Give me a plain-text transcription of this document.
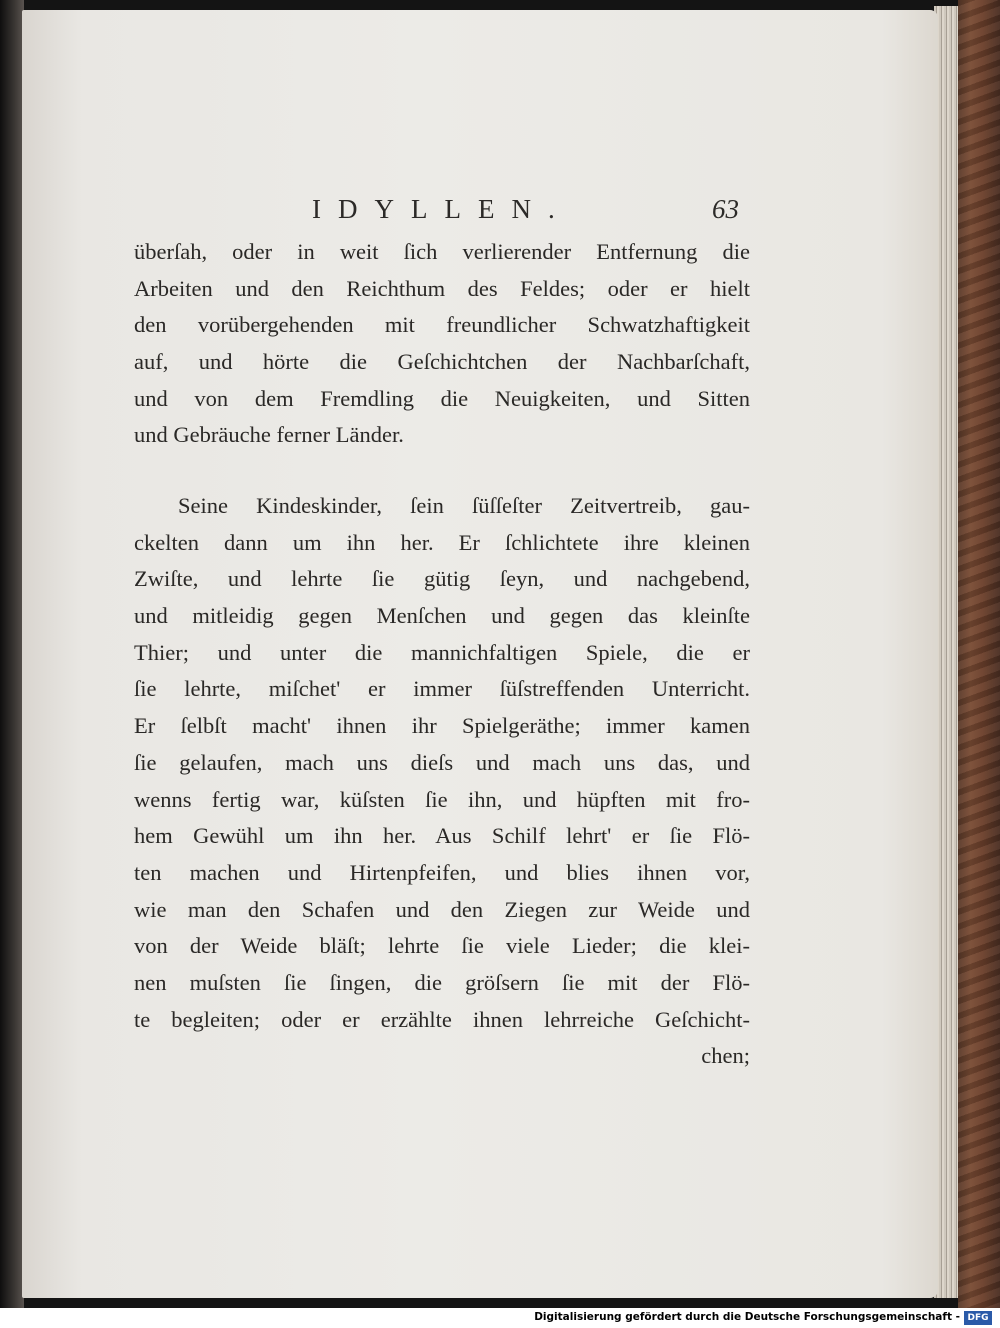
IDYLLEN.	63
überſah, oder in weit ſich verlierender Entfernung die
Arbeiten und den Reichthum des Feldes; oder er hielt
den vorübergehenden mit freundlicher Schwatzhaftigkeit
auf, und hörte die Geſchichtchen der Nachbarſchaft,
und von dem Fremdling die Neuigkeiten, und Sitten
und Gebräuche ferner Länder.
Seine Kindeskinder, ſein ſüſſeſter Zeitvertreib, gau-
ckelten dann um ihn her. Er ſchlichtete ihre kleinen
Zwiſte, und lehrte ſie gütig ſeyn, und nachgebend,
und mitleidig gegen Menſchen und gegen das kleinſte
Thier; und unter die mannichfaltigen Spiele, die er
ſie lehrte, miſchet' er immer ſüſstreffenden Unterricht.
Er ſelbſt macht' ihnen ihr Spielgeräthe; immer kamen
ſie gelaufen, mach uns dieſs und mach uns das, und
wenns fertig war, küſsten ſie ihn, und hüpften mit fro-
hem Gewühl um ihn her. Aus Schilf lehrt' er ſie Flö-
ten machen und Hirtenpfeifen, und blies ihnen vor,
wie man den Schafen und den Ziegen zur Weide und
von der Weide bläſt; lehrte ſie viele Lieder; die klei-
nen muſsten ſie ſingen, die gröſsern ſie mit der Flö-
te begleiten; oder er erzählte ihnen lehrreiche Geſchicht-
chen;
Digitalisierung gefördert durch die Deutsche Forschungsgemeinschaft - DFG
